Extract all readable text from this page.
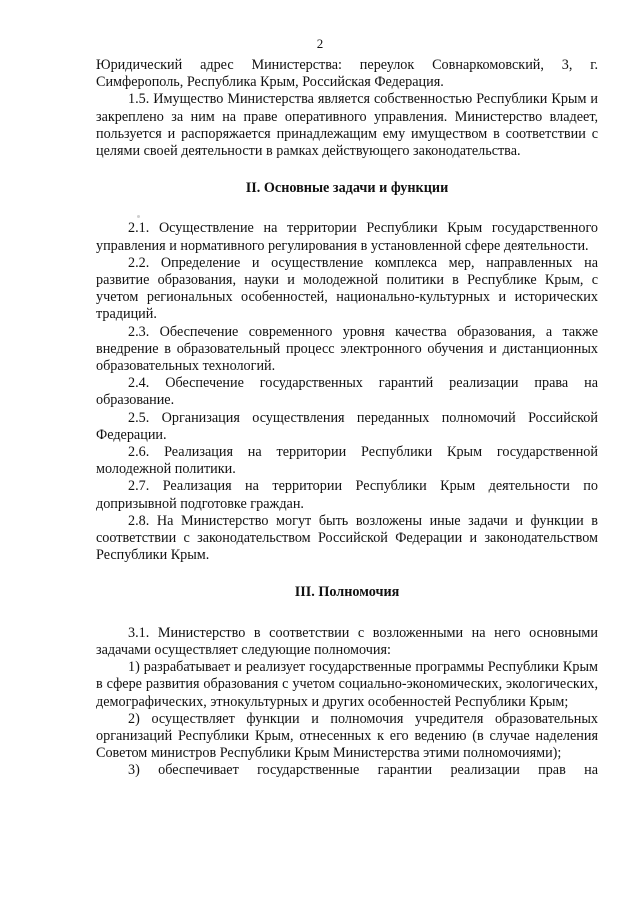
2

Юридический адрес Министерства: переулок Совнаркомовский, 3, г. Симферополь, Республика Крым, Российская Федерация.

1.5. Имущество Министерства является собственностью Республики Крым и закреплено за ним на праве оперативного управления. Министерство владеет, пользуется и распоряжается принадлежащим ему имуществом в соответствии с целями своей деятельности в рамках действующего законодательства.

II. Основные задачи и функции

2.1. Осуществление на территории Республики Крым государственного управления и нормативного регулирования в установленной сфере деятельности.

2.2. Определение и осуществление комплекса мер, направленных на развитие образования, науки и молодежной политики в Республике Крым, с учетом региональных особенностей, национально-культурных и исторических традиций.

2.3. Обеспечение современного уровня качества образования, а также внедрение в образовательный процесс электронного обучения и дистанционных образовательных технологий.

2.4. Обеспечение государственных гарантий реализации права на образование.

2.5. Организация осуществления переданных полномочий Российской Федерации.

2.6. Реализация на территории Республики Крым государственной молодежной политики.

2.7. Реализация на территории Республики Крым деятельности по допризывной подготовке граждан.

2.8. На Министерство могут быть возложены иные задачи и функции в соответствии с законодательством Российской Федерации и законодательством Республики Крым.

III. Полномочия

3.1. Министерство в соответствии с возложенными на него основными задачами осуществляет следующие полномочия:

1) разрабатывает и реализует государственные программы Республики Крым в сфере развития образования с учетом социально-экономических, экологических, демографических, этнокультурных и других особенностей Республики Крым;

2) осуществляет функции и полномочия учредителя образовательных организаций Республики Крым, отнесенных к его ведению (в случае наделения Советом министров Республики Крым Министерства этими полномочиями);

3) обеспечивает государственные гарантии реализации прав на
